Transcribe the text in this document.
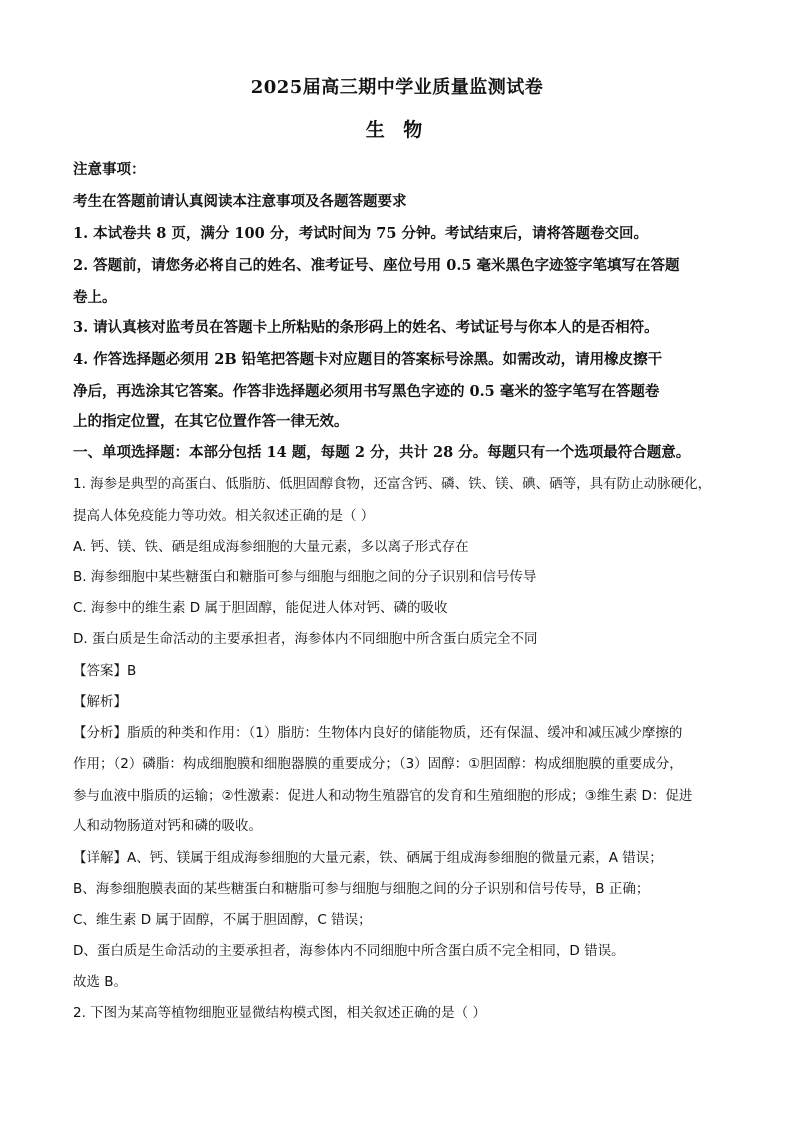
2025届高三期中学业质量监测试卷
生 物
注意事项：
考生在答题前请认真阅读本注意事项及各题答题要求
1. 本试卷共 8 页，满分 100 分，考试时间为 75 分钟。考试结束后，请将答题卷交回。
2. 答题前，请您务必将自己的姓名、准考证号、座位号用 0.5 毫米黑色字迹签字笔填写在答题
卷上。
3. 请认真核对监考员在答题卡上所粘贴的条形码上的姓名、考试证号与你本人的是否相符。
4. 作答选择题必须用 2B 铅笔把答题卡对应题目的答案标号涂黑。如需改动，请用橡皮擦干
净后，再选涂其它答案。作答非选择题必须用书写黑色字迹的 0.5 毫米的签字笔写在答题卷
上的指定位置，在其它位置作答一律无效。
一、单项选择题：本部分包括 14 题，每题 2 分，共计 28 分。每题只有一个选项最符合题意。
1. 海参是典型的高蛋白、低脂肪、低胆固醇食物，还富含钙、磷、铁、镁、碘、硒等，具有防止动脉硬化，
提高人体免疫能力等功效。相关叙述正确的是（ ）
A. 钙、镁、铁、硒是组成海参细胞的大量元素，多以离子形式存在
B. 海参细胞中某些糖蛋白和糖脂可参与细胞与细胞之间的分子识别和信号传导
C. 海参中的维生素 D 属于胆固醇，能促进人体对钙、磷的吸收
D. 蛋白质是生命活动的主要承担者，海参体内不同细胞中所含蛋白质完全不同
【答案】B
【解析】
【分析】脂质的种类和作用：（1）脂肪：生物体内良好的储能物质，还有保温、缓冲和减压减少摩擦的
作用；（2）磷脂：构成细胞膜和细胞器膜的重要成分；（3）固醇：①胆固醇：构成细胞膜的重要成分，
参与血液中脂质的运输；②性激素：促进人和动物生殖器官的发育和生殖细胞的形成；③维生素 D：促进
人和动物肠道对钙和磷的吸收。
【详解】A、钙、镁属于组成海参细胞的大量元素，铁、硒属于组成海参细胞的微量元素，A 错误；
B、海参细胞膜表面的某些糖蛋白和糖脂可参与细胞与细胞之间的分子识别和信号传导，B 正确；
C、维生素 D 属于固醇，不属于胆固醇，C 错误；
D、蛋白质是生命活动的主要承担者，海参体内不同细胞中所含蛋白质不完全相同，D 错误。
故选 B。
2. 下图为某高等植物细胞亚显微结构模式图，相关叙述正确的是（ ）
